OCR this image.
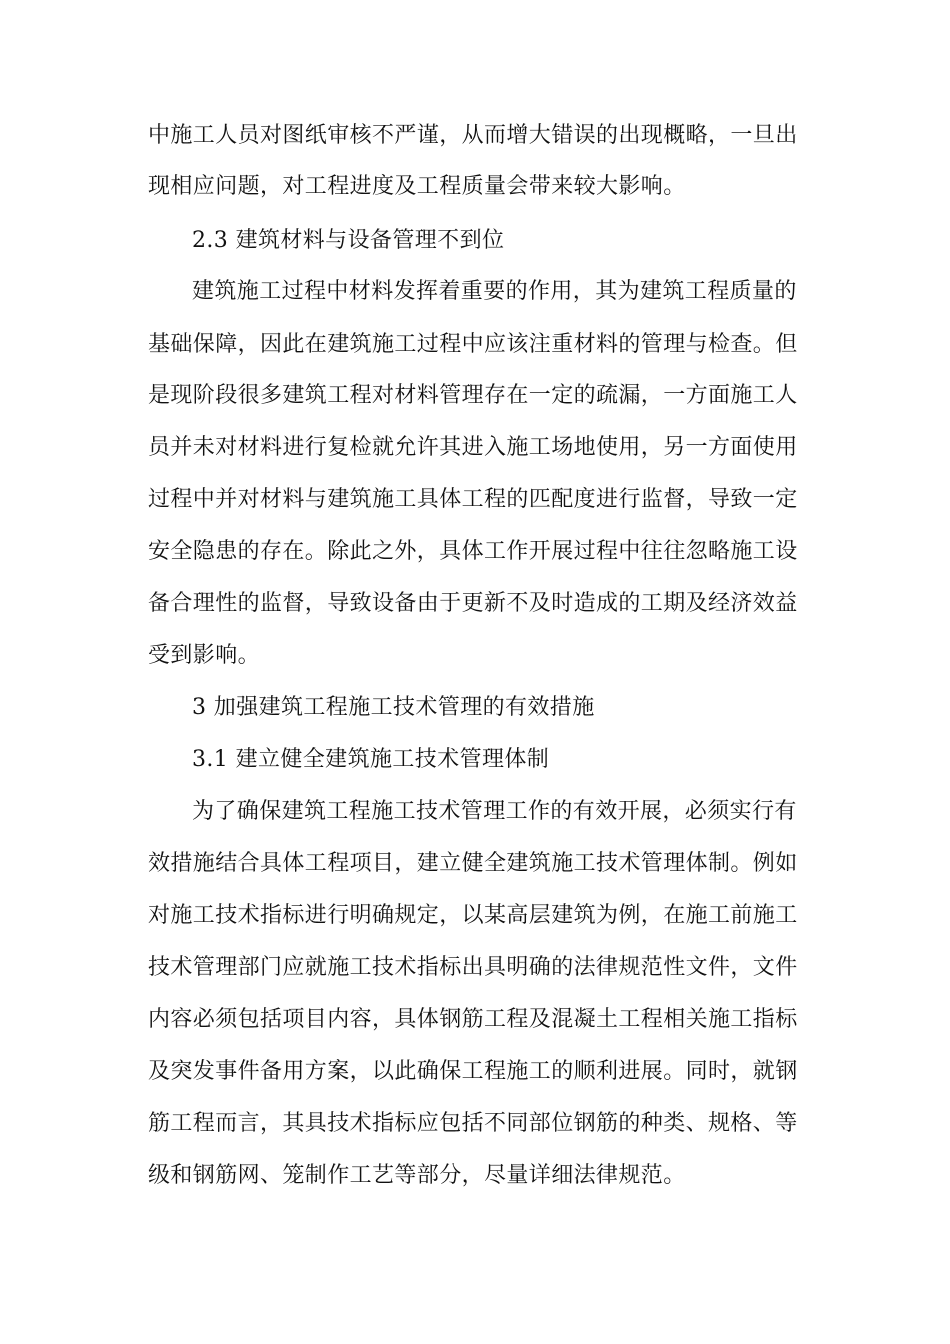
中施工人员对图纸审核不严谨，从而增大错误的出现概略，一旦出

现相应问题，对工程进度及工程质量会带来较大影响。

2.3 建筑材料与设备管理不到位

建筑施工过程中材料发挥着重要的作用，其为建筑工程质量的

基础保障，因此在建筑施工过程中应该注重材料的管理与检查。但

是现阶段很多建筑工程对材料管理存在一定的疏漏，一方面施工人

员并未对材料进行复检就允许其进入施工场地使用，另一方面使用

过程中并对材料与建筑施工具体工程的匹配度进行监督，导致一定

安全隐患的存在。除此之外，具体工作开展过程中往往忽略施工设

备合理性的监督，导致设备由于更新不及时造成的工期及经济效益

受到影响。

3 加强建筑工程施工技术管理的有效措施

3.1 建立健全建筑施工技术管理体制

为了确保建筑工程施工技术管理工作的有效开展，必须实行有

效措施结合具体工程项目，建立健全建筑施工技术管理体制。例如

对施工技术指标进行明确规定，以某高层建筑为例，在施工前施工

技术管理部门应就施工技术指标出具明确的法律规范性文件，文件

内容必须包括项目内容，具体钢筋工程及混凝土工程相关施工指标

及突发事件备用方案，以此确保工程施工的顺利进展。同时，就钢

筋工程而言，其具技术指标应包括不同部位钢筋的种类、规格、等

级和钢筋网、笼制作工艺等部分，尽量详细法律规范。
